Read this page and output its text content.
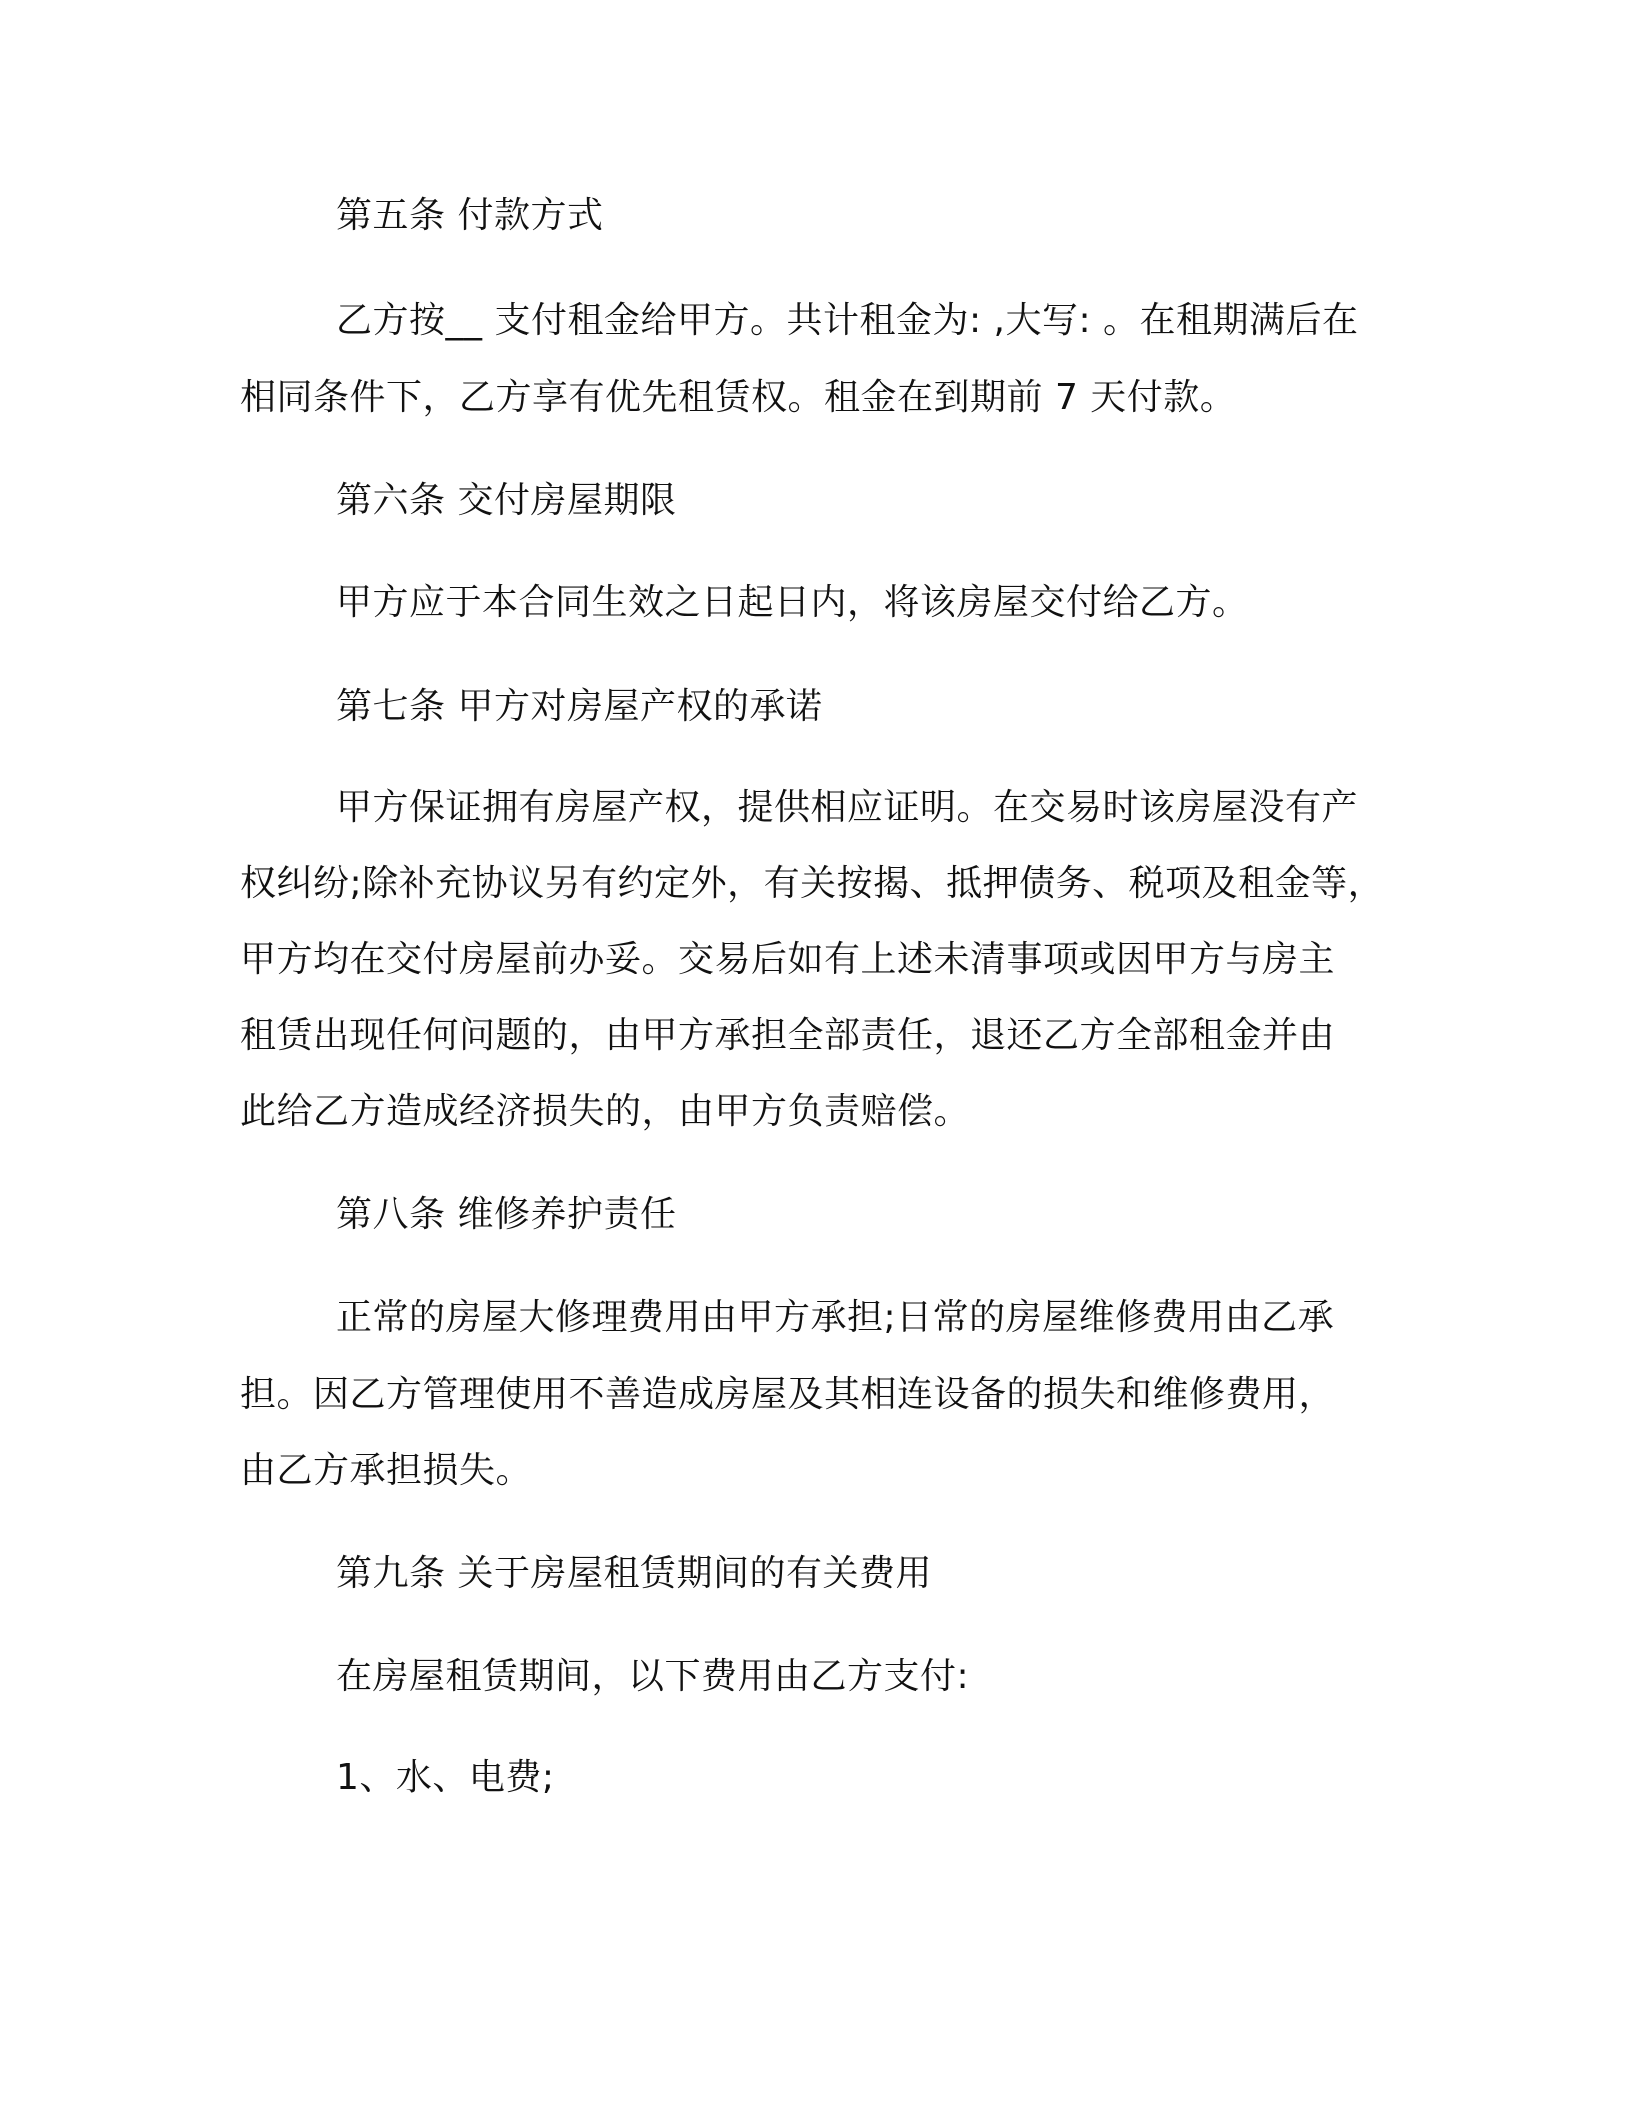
第五条 付款方式
乙方按__ 支付租金给甲方。共计租金为: ,大写: 。在租期满后在
相同条件下，乙方享有优先租赁权。租金在到期前 7 天付款。
第六条 交付房屋期限
甲方应于本合同生效之日起日内，将该房屋交付给乙方。
第七条 甲方对房屋产权的承诺
甲方保证拥有房屋产权，提供相应证明。在交易时该房屋没有产
权纠纷;除补充协议另有约定外，有关按揭、抵押债务、税项及租金等，
甲方均在交付房屋前办妥。交易后如有上述未清事项或因甲方与房主
租赁出现任何问题的，由甲方承担全部责任，退还乙方全部租金并由
此给乙方造成经济损失的，由甲方负责赔偿。
第八条 维修养护责任
正常的房屋大修理费用由甲方承担;日常的房屋维修费用由乙承
担。因乙方管理使用不善造成房屋及其相连设备的损失和维修费用，
由乙方承担损失。
第九条 关于房屋租赁期间的有关费用
在房屋租赁期间，以下费用由乙方支付:
1、水、电费;
